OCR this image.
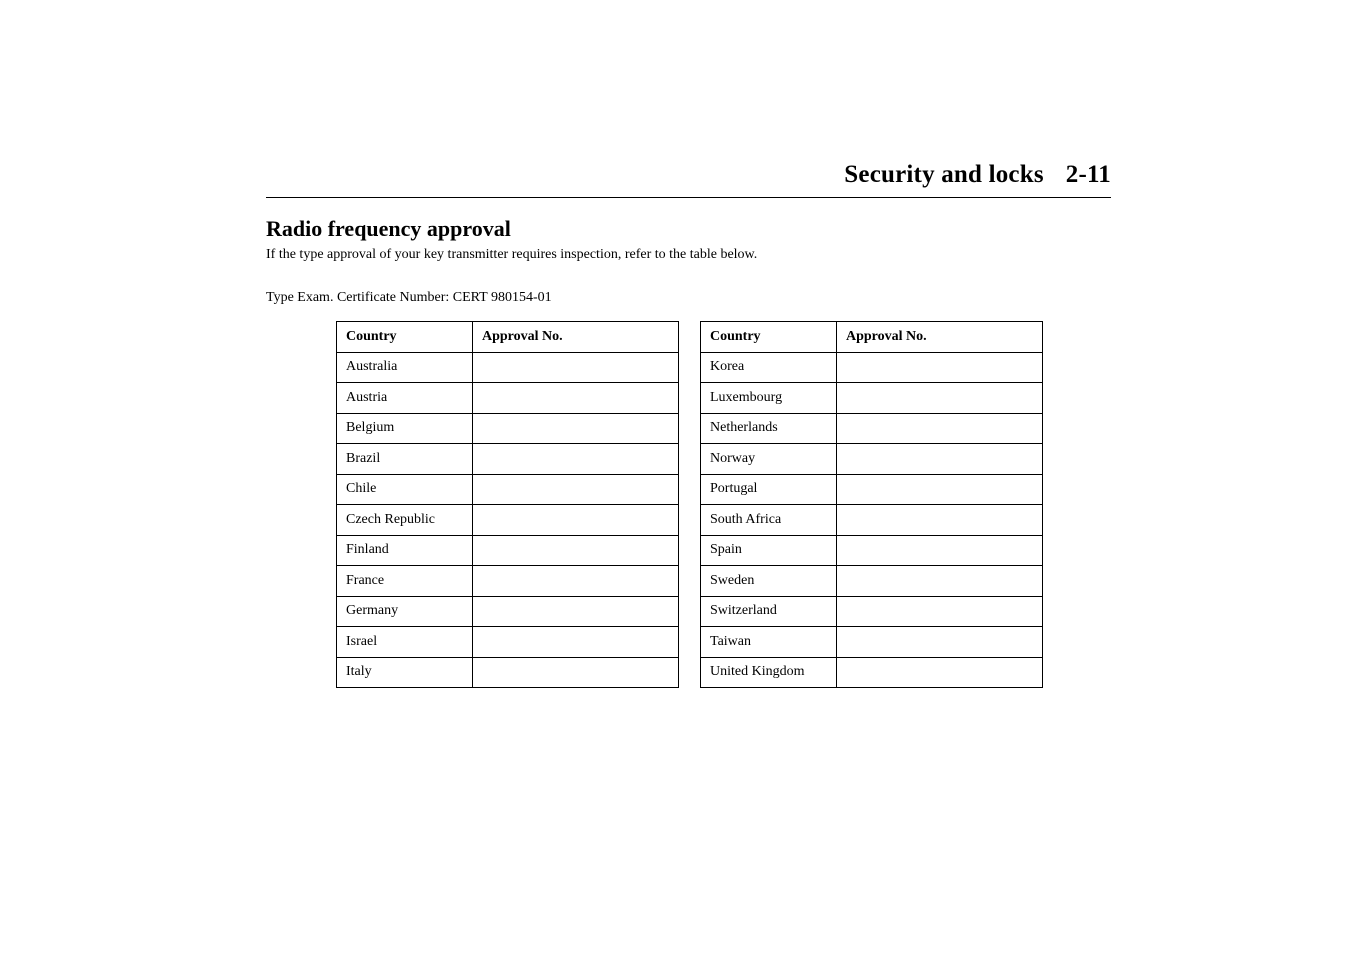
Security and locks 2-11
Radio frequency approval
If the type approval of your key transmitter requires inspection, refer to the table below.
Type Exam. Certificate Number: CERT 980154-01
Country	Approval No.
Australia	
Austria	
Belgium	
Brazil	
Chile	
Czech Republic	
Finland	
France	
Germany	
Israel	
Italy	
Country	Approval No.
Korea	
Luxembourg	
Netherlands	
Norway	
Portugal	
South Africa	
Spain	
Sweden	
Switzerland	
Taiwan	
United Kingdom	
